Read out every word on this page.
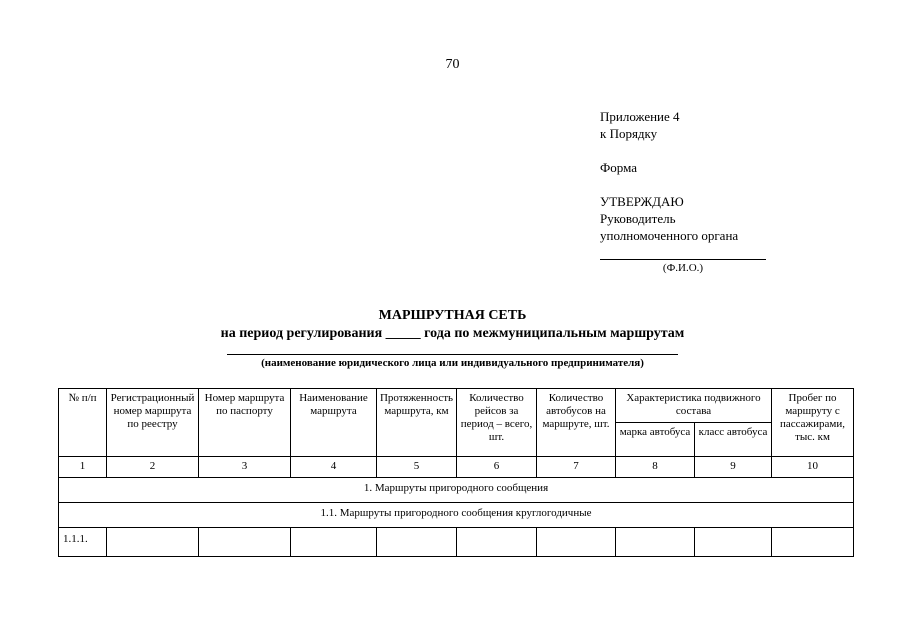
70
Приложение 4
к Порядку
Форма
УТВЕРЖДАЮ
Руководитель
уполномоченного органа
(Ф.И.О.)
МАРШРУТНАЯ СЕТЬ
на период регулирования _____ года по межмуниципальным маршрутам
(наименование юридического лица или индивидуального предпринимателя)
№ п/п	Регистрационный номер маршрута по реестру	Номер маршрута по паспорту	Наименование маршрута	Протяженность маршрута, км	Количество рейсов за период – всего, шт.	Количество автобусов на маршруте, шт.	Характеристика подвижного состава		Пробег по маршруту с пассажирами, тыс. км
							марка автобуса	класс автобуса	
1	2	3	4	5	6	7	8	9	10
1. Маршруты пригородного сообщения									
1.1. Маршруты пригородного сообщения круглогодичные									
1.1.1.									
